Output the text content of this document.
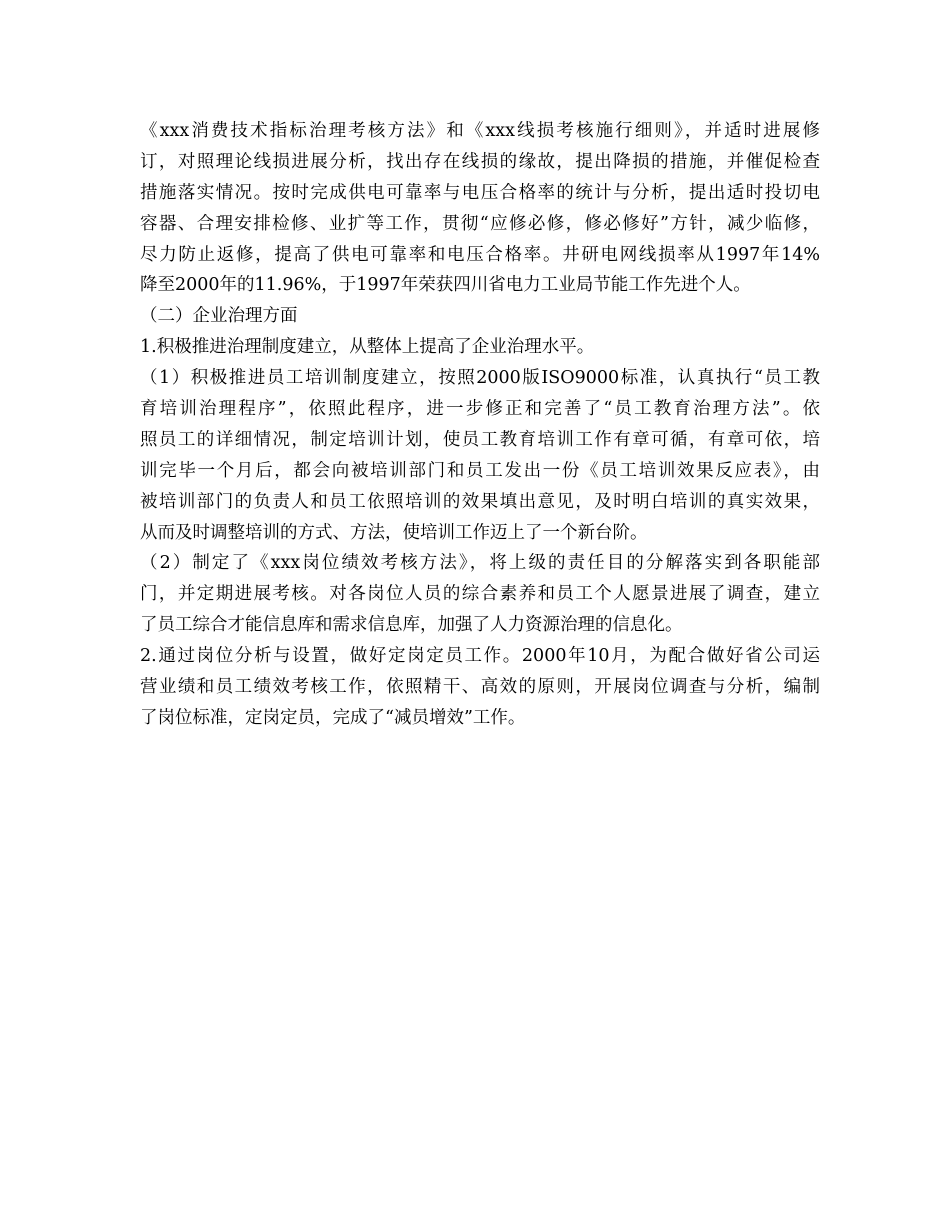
《xxx消费技术指标治理考核方法》和《xxx线损考核施行细则》，并适时进展修
订，对照理论线损进展分析，找出存在线损的缘故，提出降损的措施，并催促检查
措施落实情况。按时完成供电可靠率与电压合格率的统计与分析，提出适时投切电
容器、合理安排检修、业扩等工作，贯彻“应修必修，修必修好”方针，减少临修，
尽力防止返修，提高了供电可靠率和电压合格率。井研电网线损率从1997年14%
降至2000年的11.96%，于1997年荣获四川省电力工业局节能工作先进个人。
（二）企业治理方面
1.积极推进治理制度建立，从整体上提高了企业治理水平。
（1）积极推进员工培训制度建立，按照2000版ISO9000标准，认真执行“员工教
育培训治理程序”，依照此程序，进一步修正和完善了“员工教育治理方法”。依
照员工的详细情况，制定培训计划，使员工教育培训工作有章可循，有章可依，培
训完毕一个月后，都会向被培训部门和员工发出一份《员工培训效果反应表》，由
被培训部门的负责人和员工依照培训的效果填出意见，及时明白培训的真实效果，
从而及时调整培训的方式、方法，使培训工作迈上了一个新台阶。
（2）制定了《xxx岗位绩效考核方法》，将上级的责任目的分解落实到各职能部
门，并定期进展考核。对各岗位人员的综合素养和员工个人愿景进展了调查，建立
了员工综合才能信息库和需求信息库，加强了人力资源治理的信息化。
2.通过岗位分析与设置，做好定岗定员工作。2000年10月，为配合做好省公司运
营业绩和员工绩效考核工作，依照精干、高效的原则，开展岗位调查与分析，编制
了岗位标准，定岗定员，完成了“减员增效”工作。
